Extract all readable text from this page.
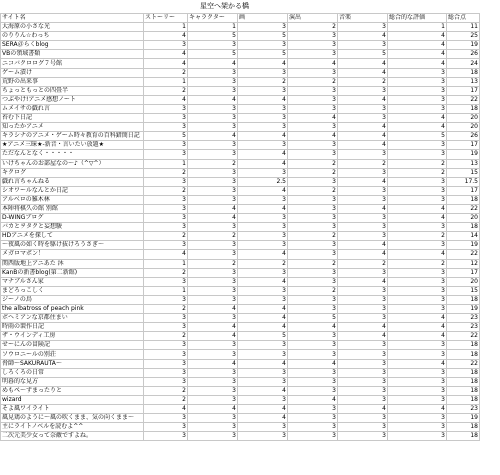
星空へ架かる橋
サイト名	ストーリー	キャラクター	画	演出	音楽	総合的な評価	総合点
大海原の小さな光	1	1	3	2	3	1	11
のりりん☆わっち	4	5	5	3	4	4	25
SERA＠らくblog	3	3	3	3	3	4	19
VBの領域書類	4	5	5	3	5	4	26
ニコバクロログ７号館	4	4	4	4	4	4	24
ゲーム漬け	2	3	3	3	4	3	18
荒野の出来事	1	3	2	2	2	3	13
ちょっともっとの四畳半	2	3	3	3	3	3	17
つぶやけ!アニメ感想ノート	4	4	4	3	4	3	22
ムメイサの戯れ言	3	3	3	3	3	3	18
苔む下日記	3	3	3	4	3	4	20
知ったかアニメ	3	3	3	3	4	4	20
キラシナのアニメ・ゲーム時々教育の百科錯簡日記	5	4	4	4	4	5	26
★アニメ三昧★-新音・言いたい放題★	3	3	3	3	4	3	17
ただなんとなく・・・・・	3	3	4	3	3	3	19
いけちゃんのお部屋なの～♪（^▽^）	1	2	4	2	2	2	13
キクログ	2	3	3	2	3	2	15
戯れ言ちゃんねる	3	3	2.5	3	4	3	17.5
シオワールなんとか日記	2	3	4	2	3	3	17
アルベロの雑木林	3	3	3	3	3	3	18
本陣将棋久の館 別館	3	4	4	3	4	4	22
D-WINGブログ	3	4	3	3	3	4	20
バカとヲタクと妄想駿	3	3	3	3	3	3	18
HDアニメを探して	2	2	3	2	3	2	14
～夜風の如く時を駆け抜けろうさぎ～	3	3	3	3	4	3	19
メガロマポン！	4	3	4	3	4	4	22
関西版地上アニあた 沐	1	2	2	2	2	2	12
KanBの新書blog(第二新館)	2	3	3	3	3	3	17
マナブルさん家	3	3	4	3	4	3	20
まどろっこしく	1	3	3	2	3	3	15
ジーノの鳥	3	3	3	3	3	3	18
the albatross of peach pink	2	4	4	3	3	3	19
ボヘミアンな京都住まい	3	3	4	5	3	4	23
時雨の製作日記	3	4	4	4	4	4	23
ザ・ウインディ工房	2	4	5	3	4	4	22
せーにんの冒険記	3	3	3	3	3	3	18
ソウロニールの別荘	3	3	3	3	3	3	18
脅師～SAKURAUTA～	3	4	4	4	3	4	22
しろくろの日常	3	3	3	3	3	3	18
明暮的な見方	3	3	3	3	3	3	18
めもぺ～ずまったりと	2	3	4	3	3	3	18
wizard	2	3	3	4	3	3	18
そよ風ワイライト	4	4	4	3	4	4	23
風見鶏のように～風の吹くまま、気の向くまま～	3	3	4	3	3	3	19
主にライトノベルを読むよ^^	3	3	3	3	3	3	18
二次元美少女って奈敵ですよね。	3	3	3	3	3	3	18
